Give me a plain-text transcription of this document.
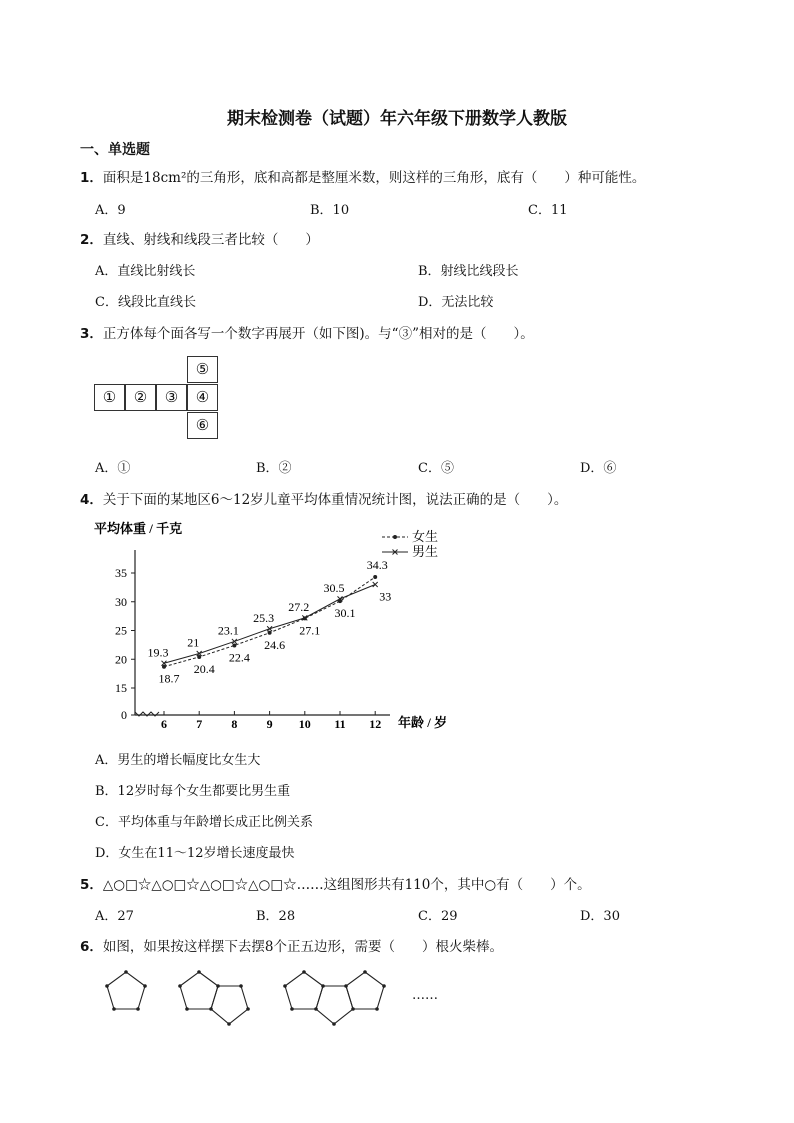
期末检测卷（试题）年六年级下册数学人教版
一、单选题
1．面积是18cm²的三角形，底和高都是整厘米数，则这样的三角形，底有（　　）种可能性。
A．9	B．10	C．11
2．直线、射线和线段三者比较（　　）
A．直线比射线长	B．射线比线段长
C．线段比直线长	D．无法比较
3．正方体每个面各写一个数字再展开（如下图)。与“③”相对的是（　　）。
⑤
①	②	③	④
⑥
A．①	B．②	C．⑤	D．⑥
4．关于下面的某地区6～12岁儿童平均体重情况统计图，说法正确的是（　　）。
平均体重 / 千克
年龄 / 岁
0
15
20
25
30
35
6 7 8 9 10 11 12
18.7
20.4
22.4
24.6
27.1
30.1
34.3
19.3
21
23.1
25.3
27.2
30.5
33
女生
男生
A．男生的增长幅度比女生大
B．12岁时每个女生都要比男生重
C．平均体重与年龄增长成正比例关系
D．女生在11～12岁增长速度最快
5．△○□☆△○□☆△○□☆△○□☆……这组图形共有110个，其中○有（　　）个。
A．27	B．28	C．29	D．30
6．如图，如果按这样摆下去摆8个正五边形，需要（　　）根火柴棒。
……
